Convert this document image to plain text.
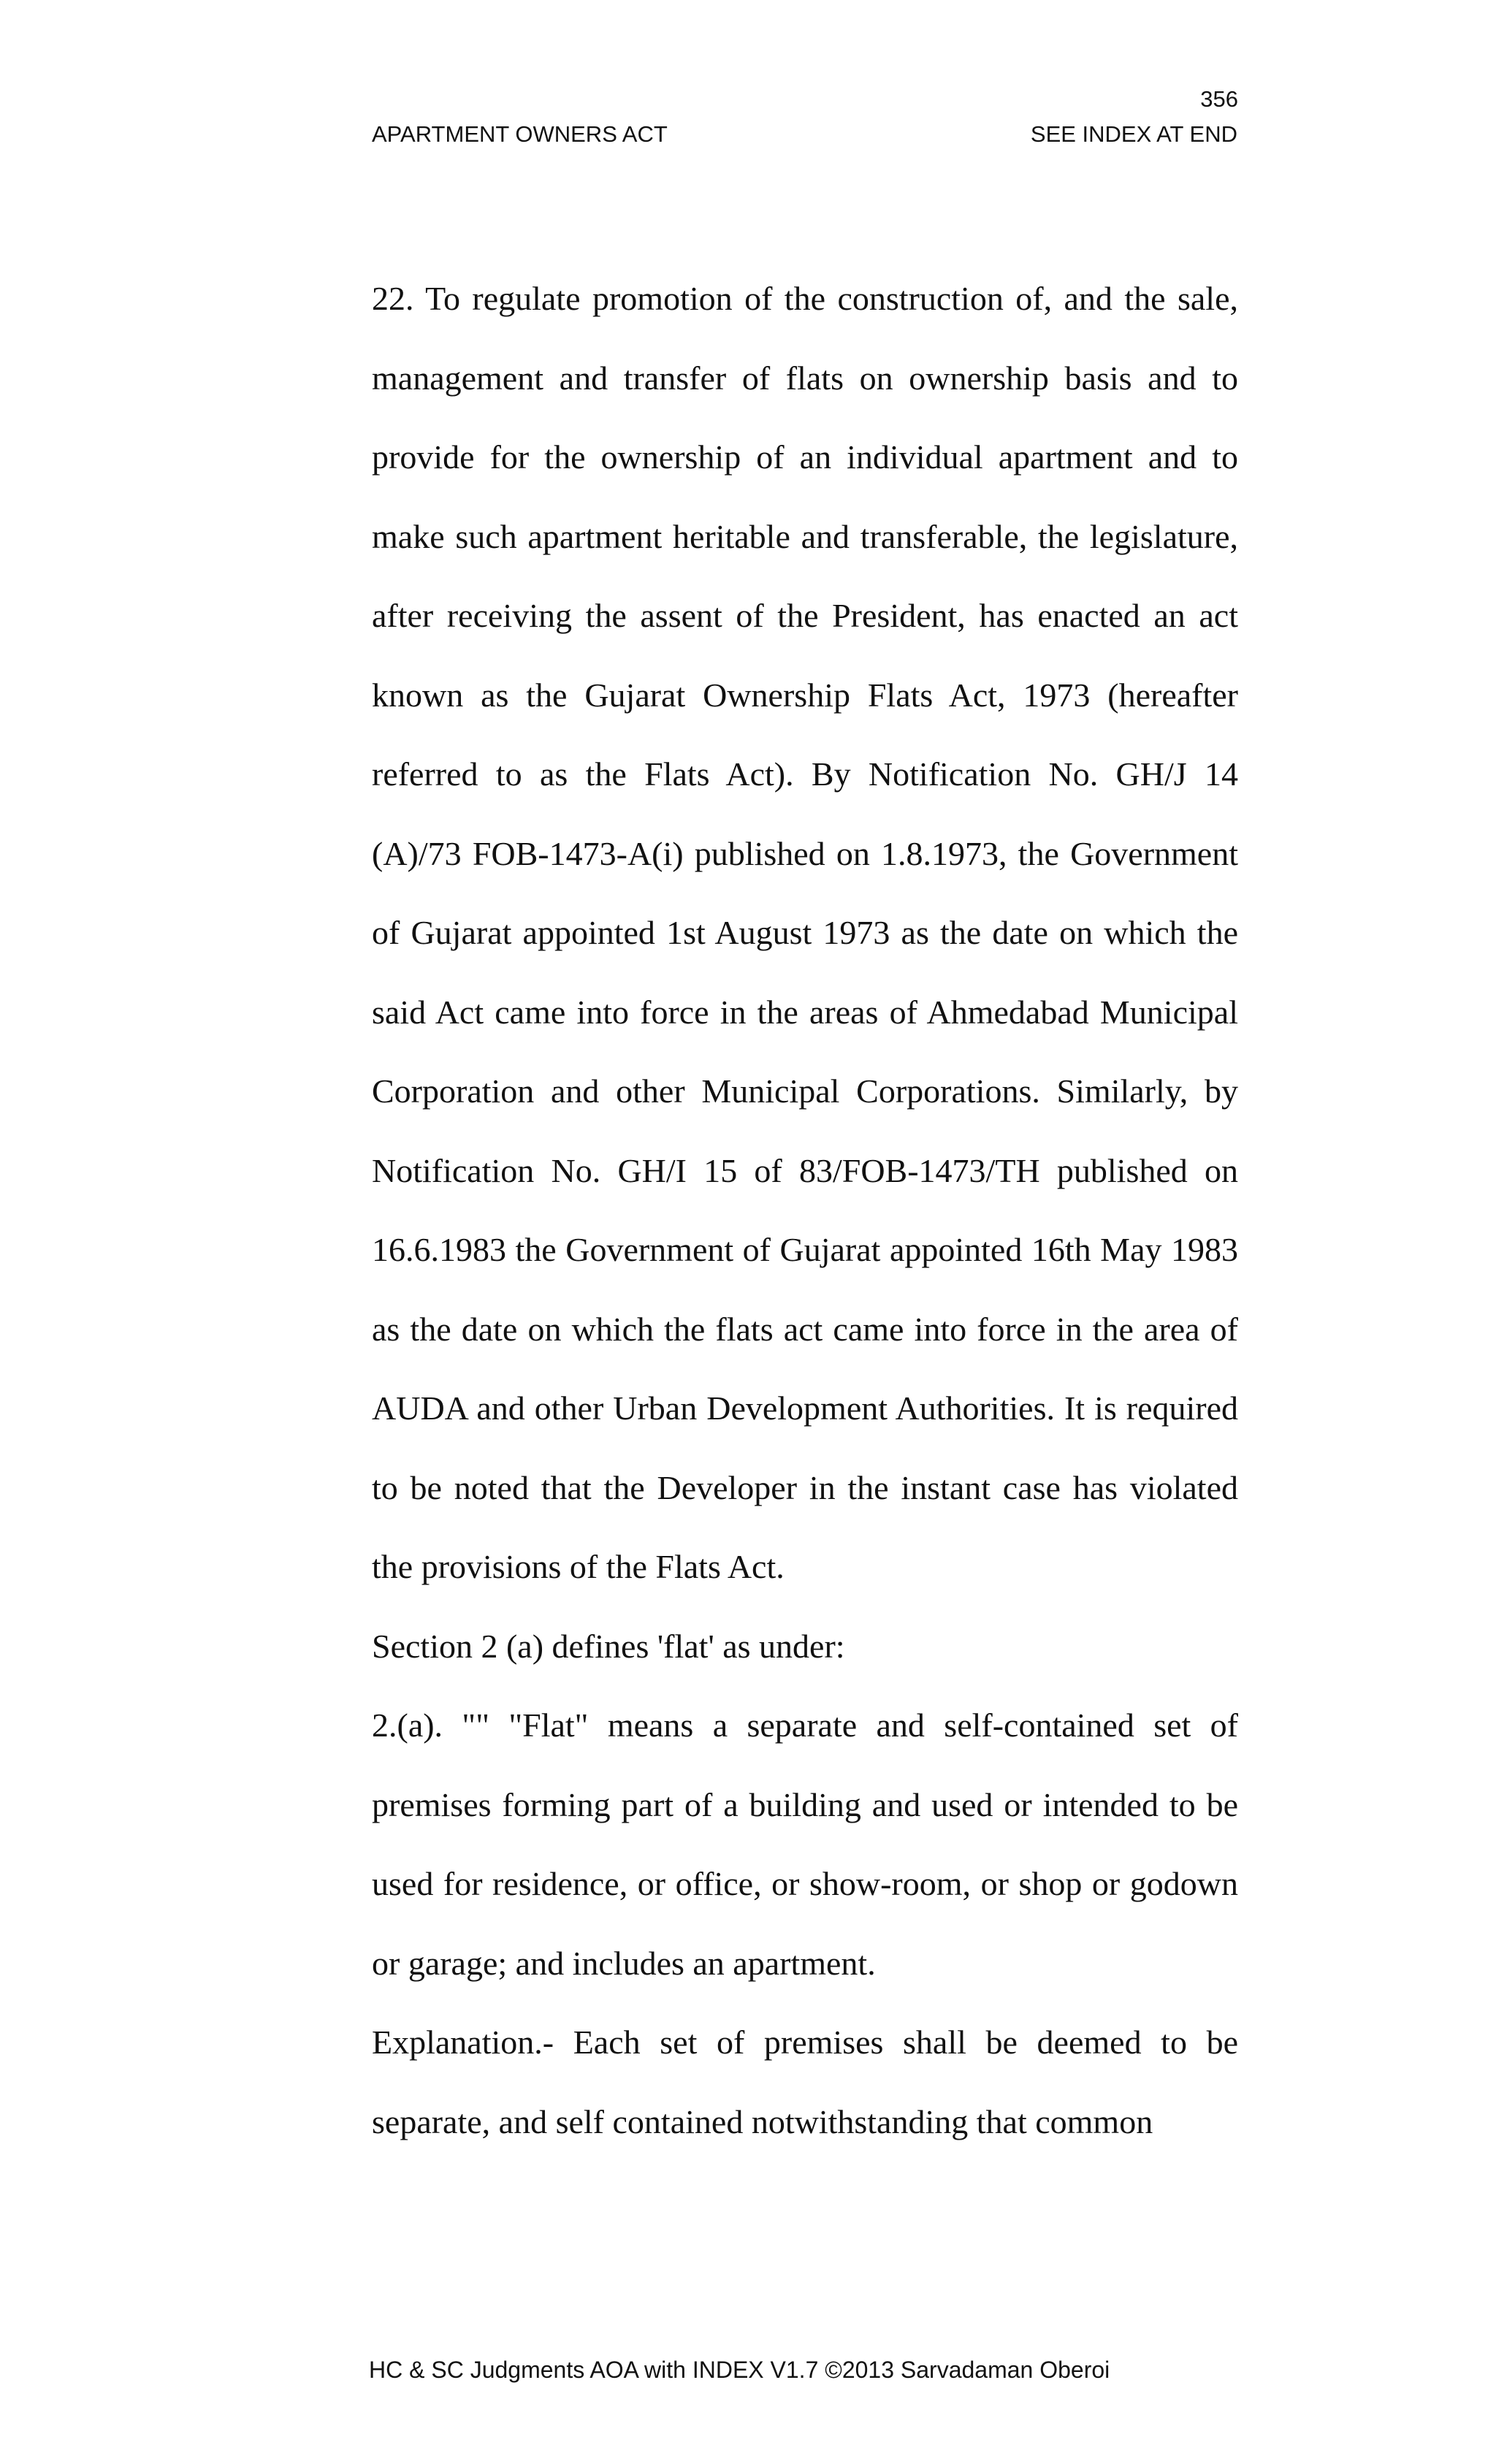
356
APARTMENT OWNERS ACT	SEE INDEX AT END

22. To regulate promotion of the construction of, and the sale, management and transfer of flats on ownership basis and to provide for the ownership of an individual apartment and to make such apartment heritable and transferable, the legislature, after receiving the assent of the President, has enacted an act known as the Gujarat Ownership Flats Act, 1973 (hereafter referred to as the Flats Act). By Notification No. GH/J 14 (A)/73 FOB-1473-A(i) published on 1.8.1973, the Government of Gujarat appointed 1st August 1973 as the date on which the said Act came into force in the areas of Ahmedabad Municipal Corporation and other Municipal Corporations. Similarly, by Notification No. GH/I 15 of 83/FOB-1473/TH published on 16.6.1983 the Government of Gujarat appointed 16th May 1983 as the date on which the flats act came into force in the area of AUDA and other Urban Development Authorities. It is required to be noted that the Developer in the instant case has violated the provisions of the Flats Act.

Section 2 (a) defines 'flat' as under:

2.(a). "" "Flat" means a separate and self-contained set of premises forming part of a building and used or intended to be used for residence, or office, or show-room, or shop or godown or garage; and includes an apartment.

Explanation.- Each set of premises shall be deemed to be separate, and self contained notwithstanding that common

HC & SC Judgments AOA with INDEX V1.7 ©2013 Sarvadaman Oberoi
